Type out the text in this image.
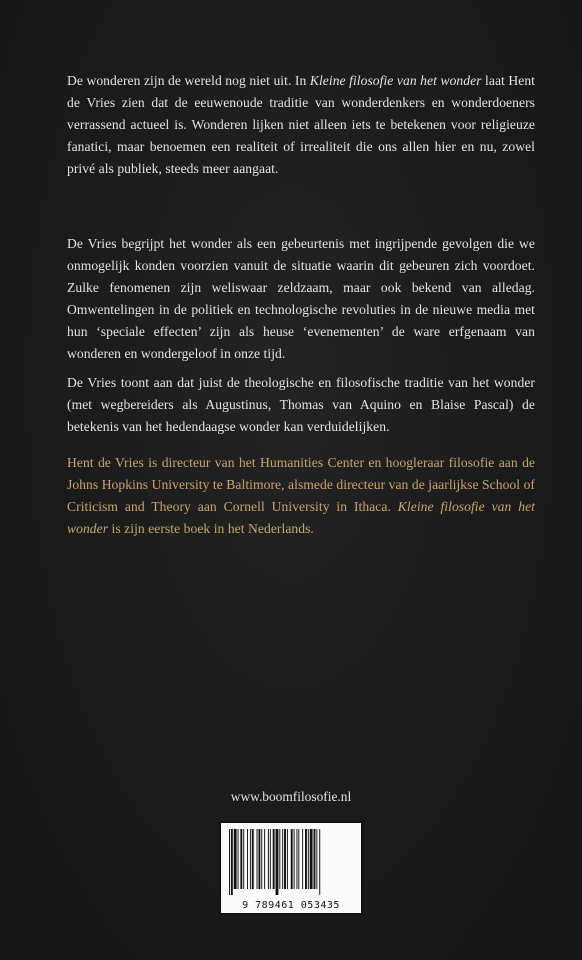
De wonderen zijn de wereld nog niet uit. In Kleine filosofie van het wonder laat Hent de Vries zien dat de eeuwenoude traditie van wonderdenkers en wonderdoeners verrassend actueel is. Wonderen lijken niet alleen iets te betekenen voor religieuze fanatici, maar benoemen een realiteit of irrealiteit die ons allen hier en nu, zowel privé als publiek, steeds meer aangaat.

De Vries begrijpt het wonder als een gebeurtenis met ingrijpende gevolgen die we onmogelijk konden voorzien vanuit de situatie waarin dit gebeuren zich voordoet. Zulke fenomenen zijn weliswaar zeldzaam, maar ook bekend van alledag. Omwentelingen in de politiek en technologische revoluties in de nieuwe media met hun ‘speciale effecten’ zijn als heuse ‘evenementen’ de ware erfgenaam van wonderen en wondergeloof in onze tijd.

De Vries toont aan dat juist de theologische en filosofische traditie van het wonder (met wegbereiders als Augustinus, Thomas van Aquino en Blaise Pascal) de betekenis van het hedendaagse wonder kan verduidelijken.

Hent de Vries is directeur van het Humanities Center en hoogleraar filosofie aan de Johns Hopkins University te Baltimore, alsmede directeur van de jaarlijkse School of Criticism and Theory aan Cornell University in Ithaca. Kleine filosofie van het wonder is zijn eerste boek in het Nederlands.

www.boomfilosofie.nl
9 789461 053435
